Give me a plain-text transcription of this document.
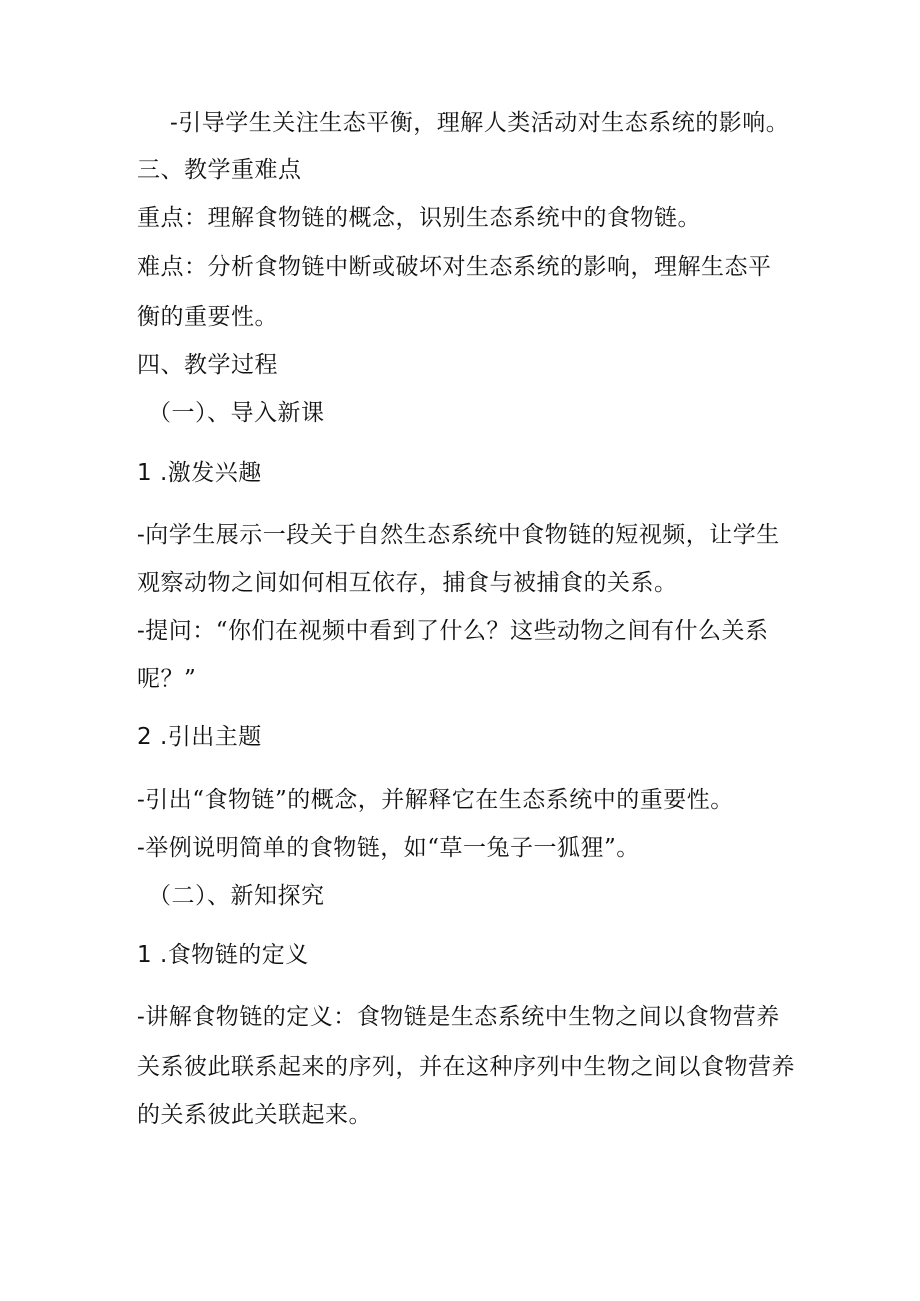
-引导学生关注生态平衡，理解人类活动对生态系统的影响。
三、教学重难点
重点：理解食物链的概念，识别生态系统中的食物链。
难点：分析食物链中断或破坏对生态系统的影响，理解生态平
衡的重要性。
四、教学过程
（一）、导入新课
1 .激发兴趣
-向学生展示一段关于自然生态系统中食物链的短视频，让学生
观察动物之间如何相互依存，捕食与被捕食的关系。
-提问：“你们在视频中看到了什么？这些动物之间有什么关系
呢？”
2 .引出主题
-引出“食物链”的概念，并解释它在生态系统中的重要性。
-举例说明简单的食物链，如“草一兔子一狐狸”。
（二）、新知探究
1 .食物链的定义
-讲解食物链的定义：食物链是生态系统中生物之间以食物营养
关系彼此联系起来的序列，并在这种序列中生物之间以食物营养
的关系彼此关联起来。
